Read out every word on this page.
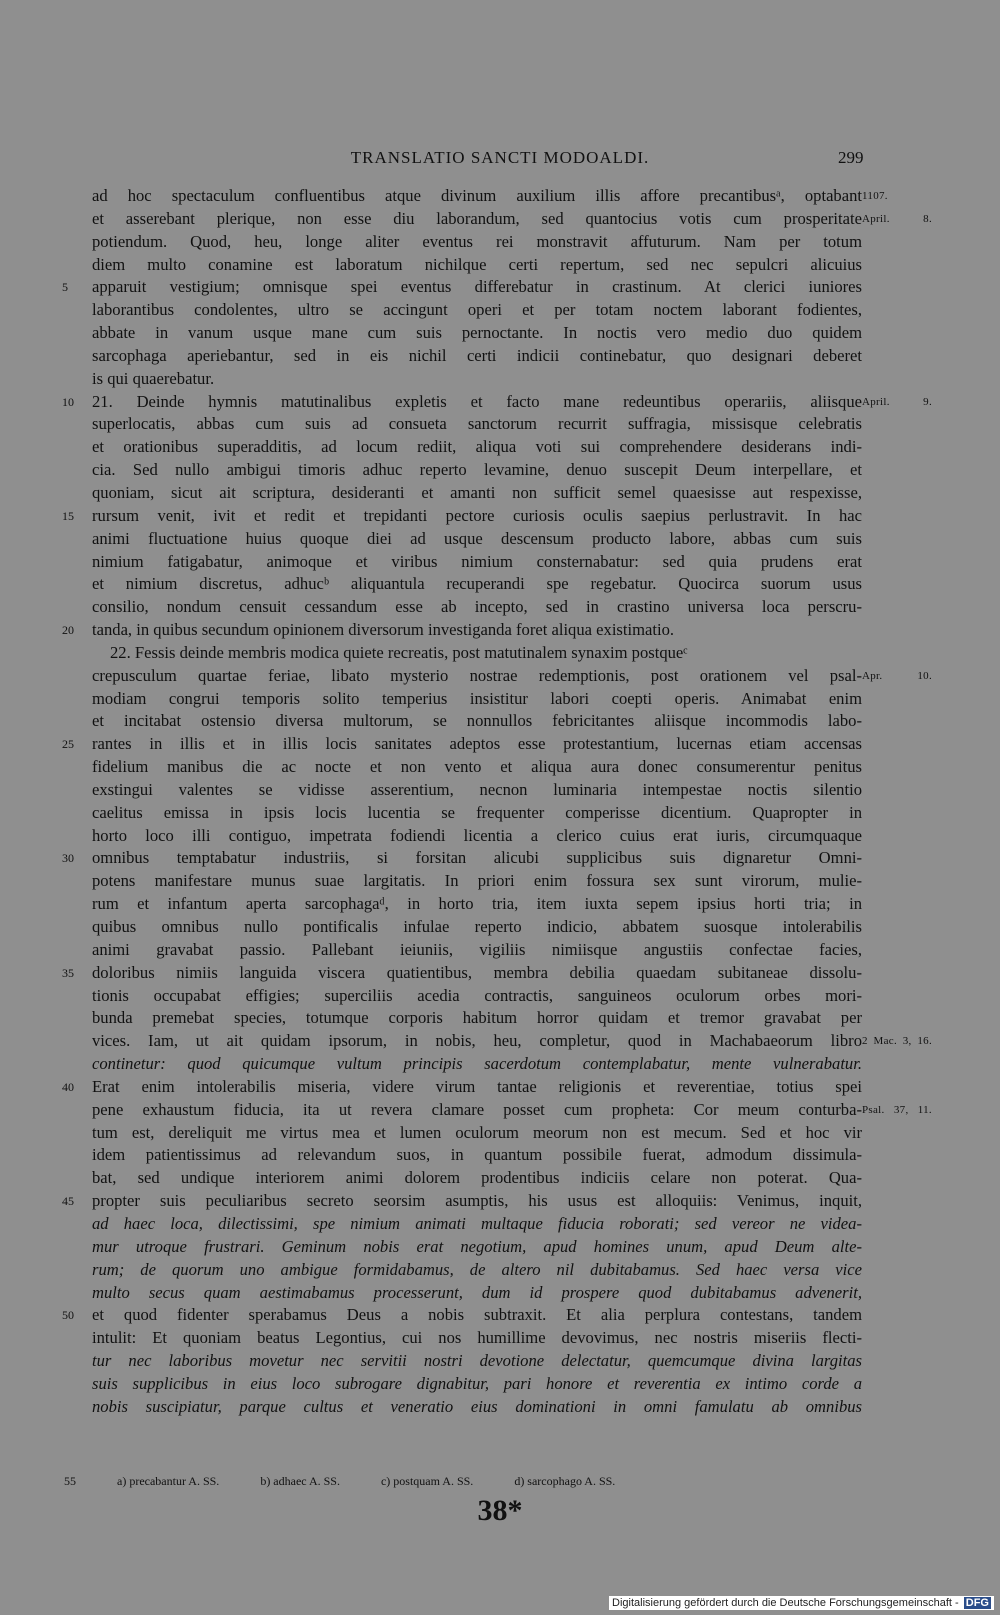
TRANSLATIO SANCTI MODOALDI.	299
ad hoc spectaculum confluentibus atque divinum auxilium illis affore precantibusᵃ, optabant 1107.
et asserebant plerique, non esse diu laborandum, sed quantocius votis cum prosperitate April. 8.
potiendum. Quod, heu, longe aliter eventus rei monstravit affuturum. Nam per totum
diem multo conamine est laboratum nichilque certi repertum, sed nec sepulcri alicuius
5	apparuit vestigium; omnisque spei eventus differebatur in crastinum. At clerici iuniores
laborantibus condolentes, ultro se accingunt operi et per totam noctem laborant fodientes,
abbate in vanum usque mane cum suis pernoctante. In noctis vero medio duo quidem
sarcophaga aperiebantur, sed in eis nichil certi indicii continebatur, quo designari deberet
is qui quaerebatur.
10	21. Deinde hymnis matutinalibus expletis et facto mane redeuntibus operariis, aliisque April. 9.
superlocatis, abbas cum suis ad consueta sanctorum recurrit suffragia, missisque celebratis
et orationibus superadditis, ad locum rediit, aliqua voti sui comprehendere desiderans indi-
cia. Sed nullo ambigui timoris adhuc reperto levamine, denuo suscepit Deum interpellare, et
quoniam, sicut ait scriptura, desideranti et amanti non sufficit semel quaesisse aut respexisse,
15	rursum venit, ivit et redit et trepidanti pectore curiosis oculis saepius perlustravit. In hac
animi fluctuatione huius quoque diei ad usque descensum producto labore, abbas cum suis
nimium fatigabatur, animoque et viribus nimium consternabatur: sed quia prudens erat
et nimium discretus, adhucᵇ aliquantula recuperandi spe regebatur. Quocirca suorum usus
consilio, nondum censuit cessandum esse ab incepto, sed in crastino universa loca perscru-
20	tanda, in quibus secundum opinionem diversorum investiganda foret aliqua existimatio.
22. Fessis deinde membris modica quiete recreatis, post matutinalem synaxim postqueᶜ
crepusculum quartae feriae, libato mysterio nostrae redemptionis, post orationem vel psal- Apr. 10.
modiam congrui temporis solito temperius insistitur labori coepti operis. Animabat enim
et incitabat ostensio diversa multorum, se nonnullos febricitantes aliisque incommodis labo-
25	rantes in illis et in illis locis sanitates adeptos esse protestantium, lucernas etiam accensas
fidelium manibus die ac nocte et non vento et aliqua aura donec consumerentur penitus
exstingui valentes se vidisse asserentium, necnon luminaria intempestae noctis silentio
caelitus emissa in ipsis locis lucentia se frequenter comperisse dicentium. Quapropter in
horto loco illi contiguo, impetrata fodiendi licentia a clerico cuius erat iuris, circumquaque
30	omnibus temptabatur industriis, si forsitan alicubi supplicibus suis dignaretur Omni-
potens manifestare munus suae largitatis. In priori enim fossura sex sunt virorum, mulie-
rum et infantum aperta sarcophagaᵈ, in horto tria, item iuxta sepem ipsius horti tria; in
quibus omnibus nullo pontificalis infulae reperto indicio, abbatem suosque intolerabilis
animi gravabat passio. Pallebant ieiuniis, vigiliis nimiisque angustiis confectae facies,
35	doloribus nimiis languida viscera quatientibus, membra debilia quaedam subitaneae dissolu-
tionis occupabat effigies; superciliis acedia contractis, sanguineos oculorum orbes mori-
bunda premebat species, totumque corporis habitum horror quidam et tremor gravabat per
vices. Iam, ut ait quidam ipsorum, in nobis, heu, completur, quod in Machabaeorum libro 2 Mac. 3, 16.
continetur: quod quicumque vultum principis sacerdotum contemplabatur, mente vulnerabatur.
40	Erat enim intolerabilis miseria, videre virum tantae religionis et reverentiae, totius spei
pene exhaustum fiducia, ita ut revera clamare posset cum propheta: Cor meum conturba- Psal. 37, 11.
tum est, dereliquit me virtus mea et lumen oculorum meorum non est mecum. Sed et hoc vir
idem patientissimus ad relevandum suos, in quantum possibile fuerat, admodum dissimula-
bat, sed undique interiorem animi dolorem prodentibus indiciis celare non poterat. Qua-
45	propter suis peculiaribus secreto seorsim asumptis, his usus est alloquiis: Venimus, inquit,
ad haec loca, dilectissimi, spe nimium animati multaque fiducia roborati; sed vereor ne videa-
mur utroque frustrari. Geminum nobis erat negotium, apud homines unum, apud Deum alte-
rum; de quorum uno ambigue formidabamus, de altero nil dubitabamus. Sed haec versa vice
multo secus quam aestimabamus processerunt, dum id prospere quod dubitabamus advenerit,
50	et quod fidenter sperabamus Deus a nobis subtraxit. Et alia perplura contestans, tandem
intulit: Et quoniam beatus Legontius, cui nos humillime devovimus, nec nostris miseriis flecti-
tur nec laboribus movetur nec servitii nostri devotione delectatur, quemcumque divina largitas
suis supplicibus in eius loco subrogare dignabitur, pari honore et reverentia ex intimo corde a
nobis suscipiatur, parque cultus et veneratio eius dominationi in omni famulatu ab omnibus
55	a) precabantur A. SS.	b) adhaec A. SS.	c) postquam A. SS.	d) sarcophago A. SS.
38*
Digitalisierung gefördert durch die Deutsche Forschungsgemeinschaft - DFG
